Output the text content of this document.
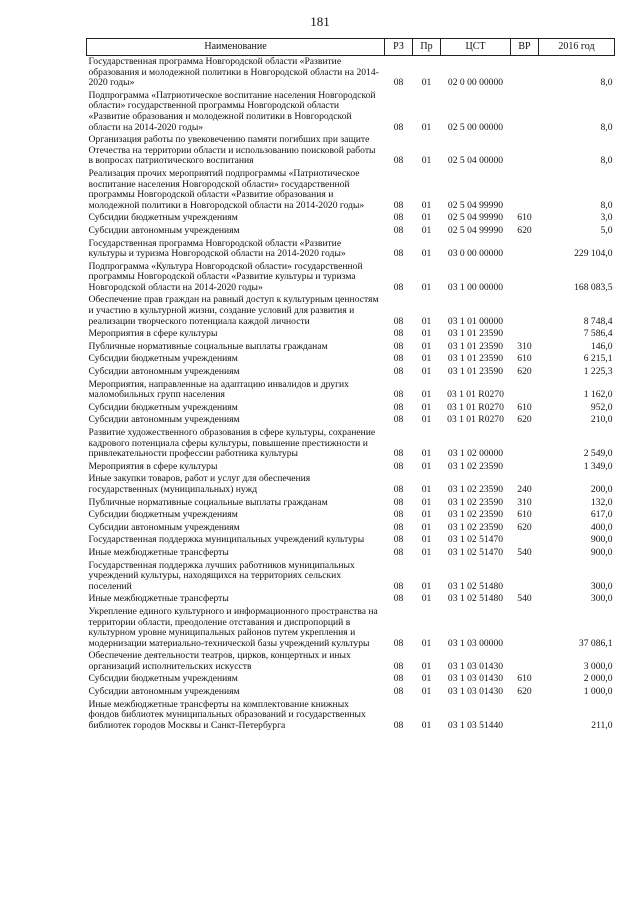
181
Наименование	РЗ	Пр	ЦСТ	ВР	2016 год
Государственная программа Новгородской области «Развитие образования и молодежной политики в Новгородской области на 2014-2020 годы»	08	01	02 0 00 00000		8,0
Подпрограмма «Патриотическое воспитание населения Новгородской области» государственной программы Новгородской области «Развитие образования и молодежной политики в Новгородской области на 2014-2020 годы»	08	01	02 5 00 00000		8,0
Организация работы по увековечению памяти погибших при защите Отечества на территории области и использованию поисковой работы в вопросах патриотического воспитания	08	01	02 5 04 00000		8,0
Реализация прочих мероприятий подпрограммы «Патриотическое воспитание населения Новгородской области» государственной программы Новгородской области «Развитие образования и молодежной политики в Новгородской области на 2014-2020 годы»	08	01	02 5 04 99990		8,0
Субсидии бюджетным учреждениям	08	01	02 5 04 99990	610	3,0
Субсидии автономным учреждениям	08	01	02 5 04 99990	620	5,0
Государственная программа Новгородской области «Развитие культуры и туризма Новгородской области на 2014-2020 годы»	08	01	03 0 00 00000		229 104,0
Подпрограмма «Культура Новгородской области» государственной программы Новгородской области «Развитие культуры и туризма Новгородской области на 2014-2020 годы»	08	01	03 1 00 00000		168 083,5
Обеспечение прав граждан на равный доступ к культурным ценностям и участию в культурной жизни, создание условий для развития и реализации творческого потенциала каждой личности	08	01	03 1 01 00000		8 748,4
Мероприятия в сфере культуры	08	01	03 1 01 23590		7 586,4
Публичные нормативные социальные выплаты гражданам	08	01	03 1 01 23590	310	146,0
Субсидии бюджетным учреждениям	08	01	03 1 01 23590	610	6 215,1
Субсидии автономным учреждениям	08	01	03 1 01 23590	620	1 225,3
Мероприятия, направленные на адаптацию инвалидов и других маломобильных групп населения	08	01	03 1 01 R0270		1 162,0
Субсидии бюджетным учреждениям	08	01	03 1 01 R0270	610	952,0
Субсидии автономным учреждениям	08	01	03 1 01 R0270	620	210,0
Развитие художественного образования в сфере культуры, сохранение кадрового потенциала сферы культуры, повышение престижности и привлекательности профессии работника культуры	08	01	03 1 02 00000		2 549,0
Мероприятия в сфере культуры	08	01	03 1 02 23590		1 349,0
Иные закупки товаров, работ и услуг для обеспечения государственных (муниципальных) нужд	08	01	03 1 02 23590	240	200,0
Публичные нормативные социальные выплаты гражданам	08	01	03 1 02 23590	310	132,0
Субсидии бюджетным учреждениям	08	01	03 1 02 23590	610	617,0
Субсидии автономным учреждениям	08	01	03 1 02 23590	620	400,0
Государственная поддержка муниципальных учреждений культуры	08	01	03 1 02 51470		900,0
Иные межбюджетные трансферты	08	01	03 1 02 51470	540	900,0
Государственная поддержка лучших работников муниципальных учреждений культуры, находящихся на территориях сельских поселений	08	01	03 1 02 51480		300,0
Иные межбюджетные трансферты	08	01	03 1 02 51480	540	300,0
Укрепление единого культурного и информационного пространства на территории области, преодоление отставания и диспропорций в культурном уровне муниципальных районов путем укрепления и модернизации материально-технической базы учреждений культуры	08	01	03 1 03 00000		37 086,1
Обеспечение деятельности театров, цирков, концертных и иных организаций исполнительских искусств	08	01	03 1 03 01430		3 000,0
Субсидии бюджетным учреждениям	08	01	03 1 03 01430	610	2 000,0
Субсидии автономным учреждениям	08	01	03 1 03 01430	620	1 000,0
Иные межбюджетные трансферты на комплектование книжных фондов библиотек муниципальных образований и государственных библиотек городов Москвы и Санкт-Петербурга	08	01	03 1 03 51440		211,0
